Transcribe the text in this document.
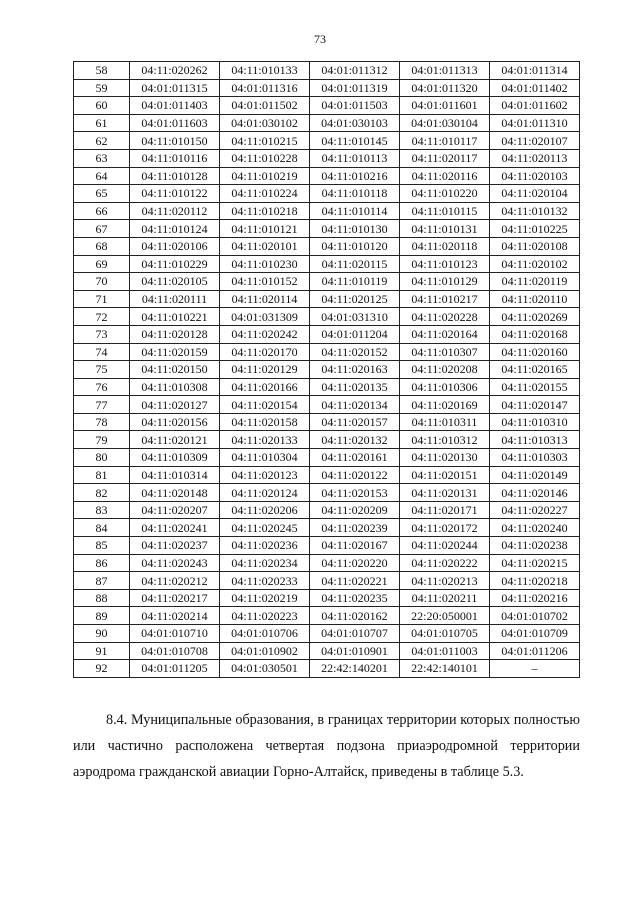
73
58	04:11:020262	04:11:010133	04:01:011312	04:01:011313	04:01:011314
59	04:01:011315	04:01:011316	04:01:011319	04:01:011320	04:01:011402
60	04:01:011403	04:01:011502	04:01:011503	04:01:011601	04:01:011602
61	04:01:011603	04:01:030102	04:01:030103	04:01:030104	04:01:011310
62	04:11:010150	04:11:010215	04:11:010145	04:11:010117	04:11:020107
63	04:11:010116	04:11:010228	04:11:010113	04:11:020117	04:11:020113
64	04:11:010128	04:11:010219	04:11:010216	04:11:020116	04:11:020103
65	04:11:010122	04:11:010224	04:11:010118	04:11:010220	04:11:020104
66	04:11:020112	04:11:010218	04:11:010114	04:11:010115	04:11:010132
67	04:11:010124	04:11:010121	04:11:010130	04:11:010131	04:11:010225
68	04:11:020106	04:11:020101	04:11:010120	04:11:020118	04:11:020108
69	04:11:010229	04:11:010230	04:11:020115	04:11:010123	04:11:020102
70	04:11:020105	04:11:010152	04:11:010119	04:11:010129	04:11:020119
71	04:11:020111	04:11:020114	04:11:020125	04:11:010217	04:11:020110
72	04:11:010221	04:01:031309	04:01:031310	04:11:020228	04:11:020269
73	04:11:020128	04:11:020242	04:01:011204	04:11:020164	04:11:020168
74	04:11:020159	04:11:020170	04:11:020152	04:11:010307	04:11:020160
75	04:11:020150	04:11:020129	04:11:020163	04:11:020208	04:11:020165
76	04:11:010308	04:11:020166	04:11:020135	04:11:010306	04:11:020155
77	04:11:020127	04:11:020154	04:11:020134	04:11:020169	04:11:020147
78	04:11:020156	04:11:020158	04:11:020157	04:11:010311	04:11:010310
79	04:11:020121	04:11:020133	04:11:020132	04:11:010312	04:11:010313
80	04:11:010309	04:11:010304	04:11:020161	04:11:020130	04:11:010303
81	04:11:010314	04:11:020123	04:11:020122	04:11:020151	04:11:020149
82	04:11:020148	04:11:020124	04:11:020153	04:11:020131	04:11:020146
83	04:11:020207	04:11:020206	04:11:020209	04:11:020171	04:11:020227
84	04:11:020241	04:11:020245	04:11:020239	04:11:020172	04:11:020240
85	04:11:020237	04:11:020236	04:11:020167	04:11:020244	04:11:020238
86	04:11:020243	04:11:020234	04:11:020220	04:11:020222	04:11:020215
87	04:11:020212	04:11:020233	04:11:020221	04:11:020213	04:11:020218
88	04:11:020217	04:11:020219	04:11:020235	04:11:020211	04:11:020216
89	04:11:020214	04:11:020223	04:11:020162	22:20:050001	04:01:010702
90	04:01:010710	04:01:010706	04:01:010707	04:01:010705	04:01:010709
91	04:01:010708	04:01:010902	04:01:010901	04:01:011003	04:01:011206
92	04:01:011205	04:01:030501	22:42:140201	22:42:140101	–

8.4. Муниципальные образования, в границах территории которых полностью или частично расположена четвертая подзона приаэродромной территории аэродрома гражданской авиации Горно-Алтайск, приведены в таблице 5.3.
